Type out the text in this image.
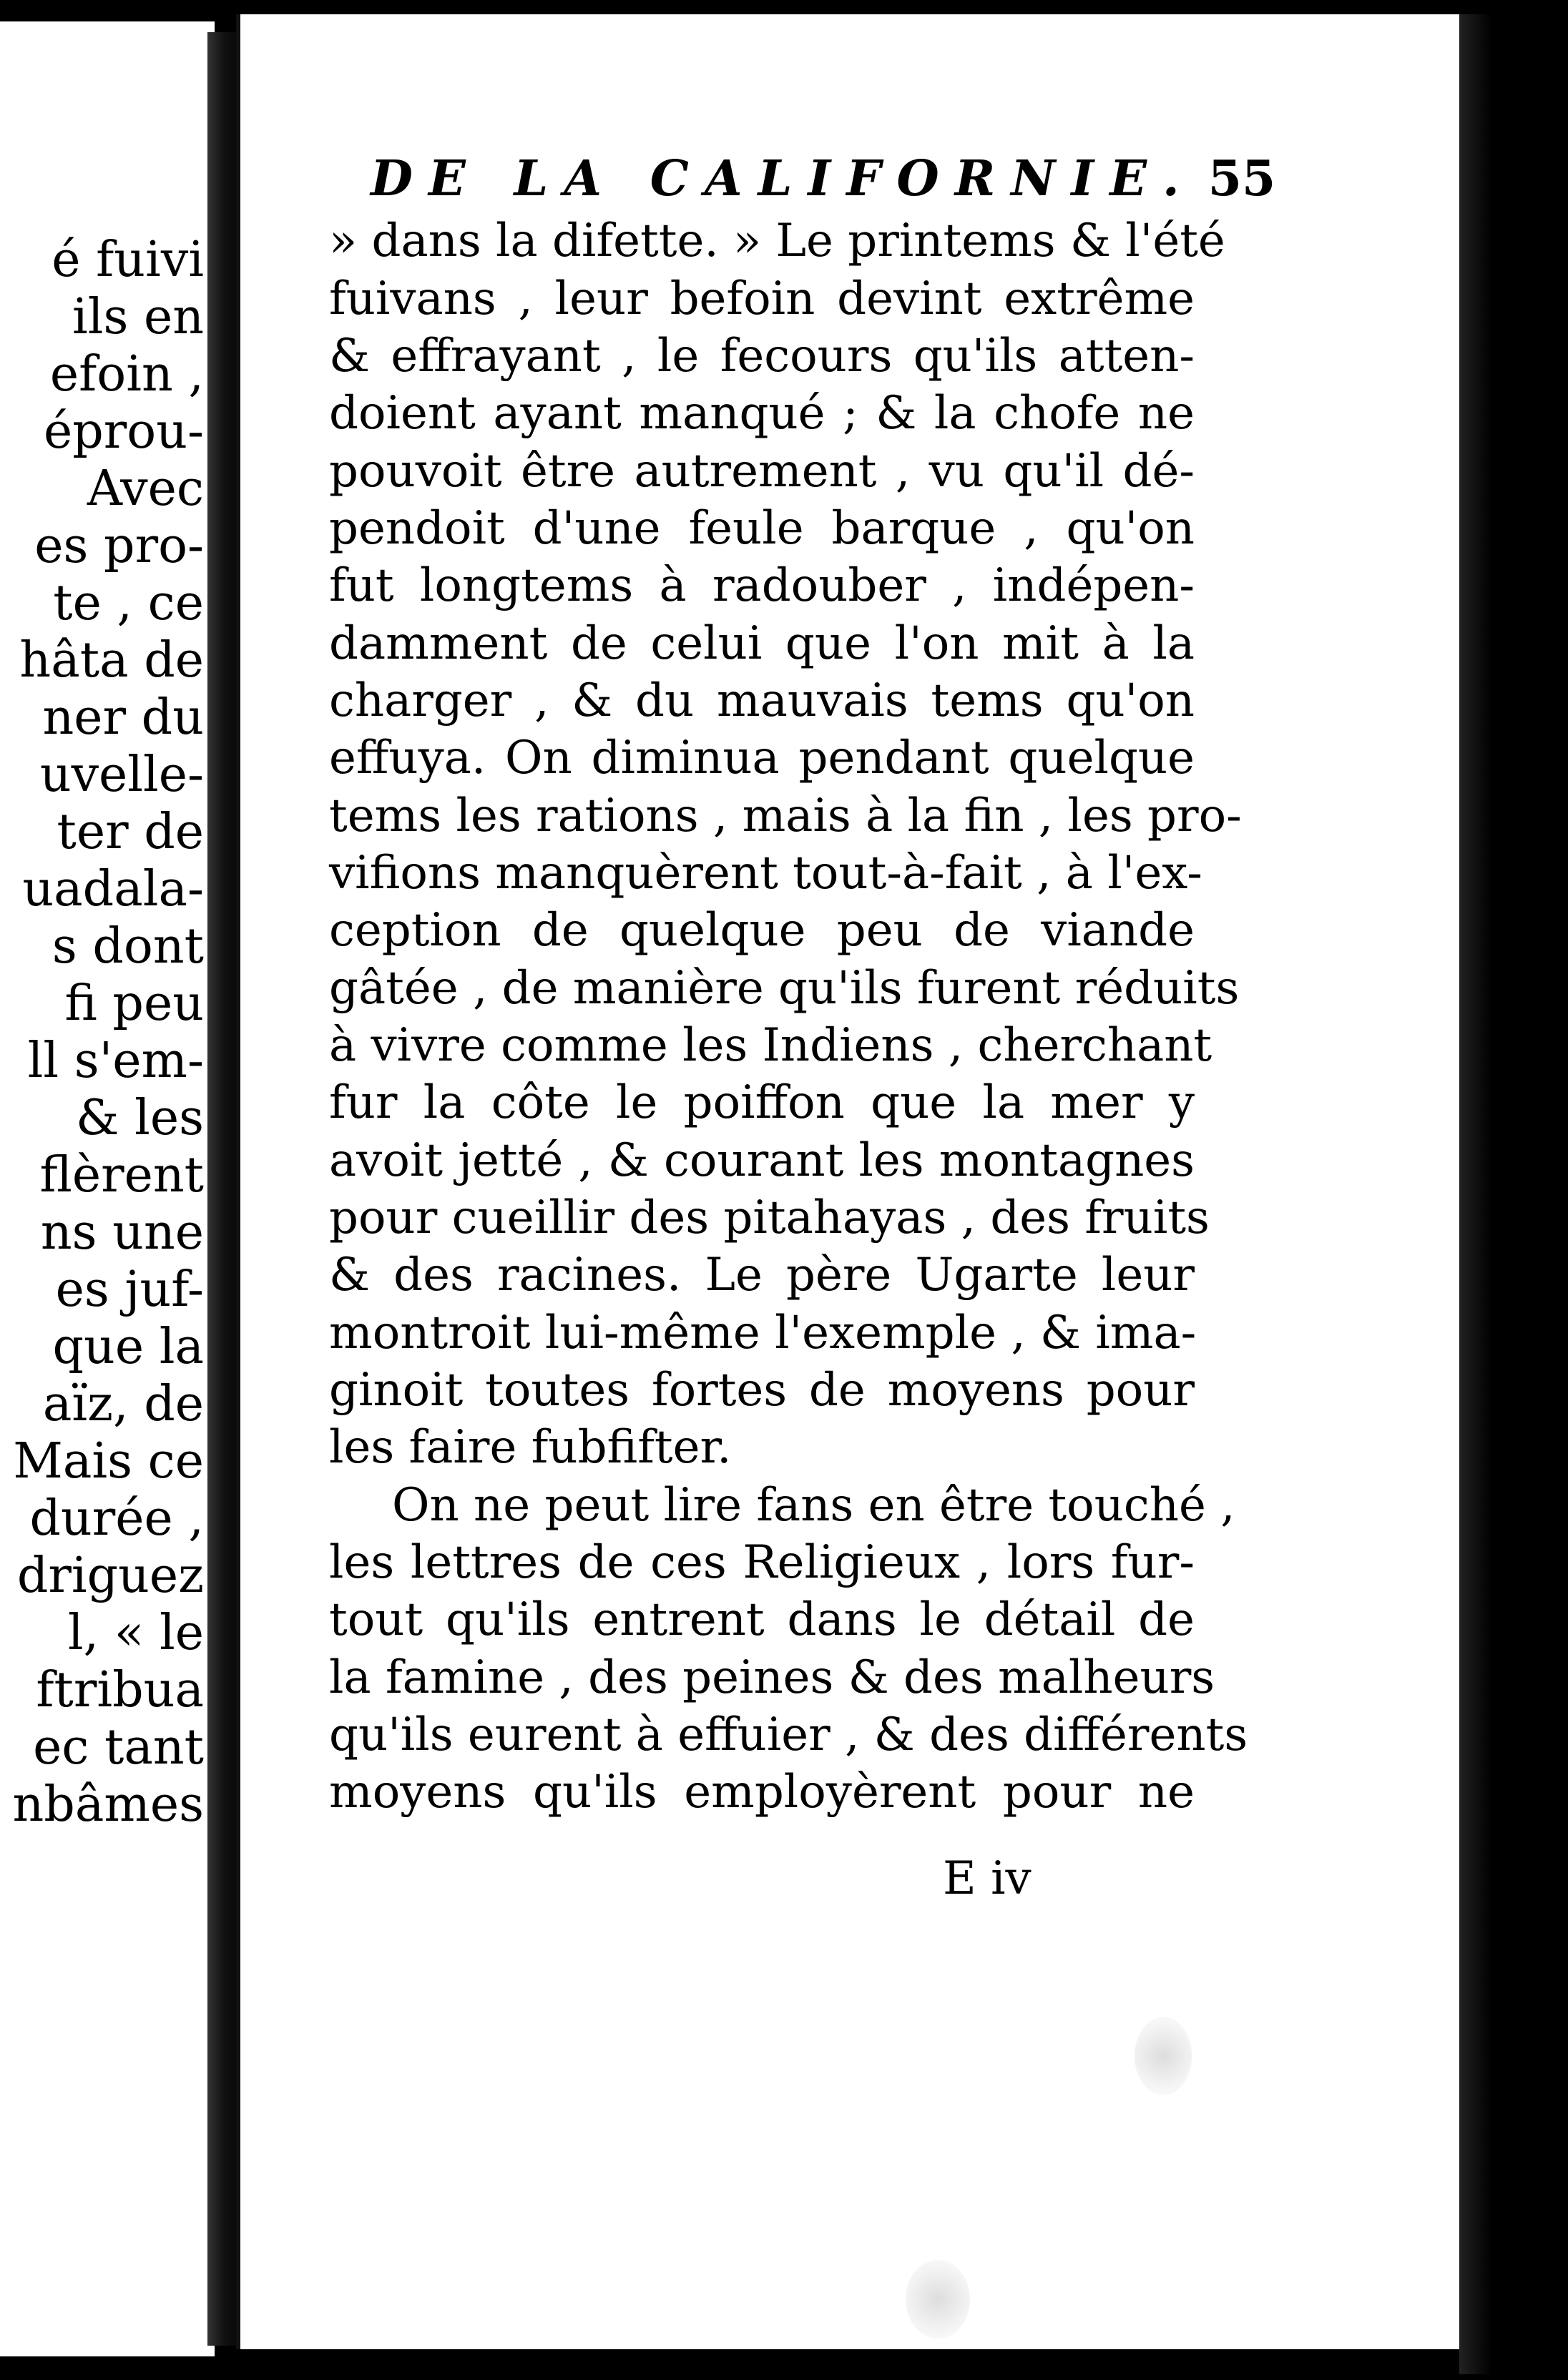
é fuivi
ils en
efoin ,
éprou-
Avec
es pro-
te , ce
hâta de
ner du
uvelle-
ter de
uadala-
s dont
fi peu
ll s'em-
& les
flèrent
ns une
es juf-
que la
aïz, de
Mais ce
durée ,
driguez
l, « le
ftribua
ec tant
nbâmes
DE LA CALIFORNIE. 55
» dans la difette. » Le printems & l'été
fuivans , leur befoin devint extrême
& effrayant , le fecours qu'ils atten-
doient ayant manqué ; & la chofe ne
pouvoit être autrement , vu qu'il dé-
pendoit d'une feule barque , qu'on
fut longtems à radouber , indépen-
damment de celui que l'on mit à la
charger , & du mauvais tems qu'on
effuya. On diminua pendant quelque
tems les rations , mais à la fin , les pro-
vifions manquèrent tout-à-fait , à l'ex-
ception de quelque peu de viande
gâtée , de manière qu'ils furent réduits
à vivre comme les Indiens , cherchant
fur la côte le poiffon que la mer y
avoit jetté , & courant les montagnes
pour cueillir des pitahayas , des fruits
& des racines. Le père Ugarte leur
montroit lui-même l'exemple , & ima-
ginoit toutes fortes de moyens pour
les faire fubfifter.
On ne peut lire fans en être touché ,
les lettres de ces Religieux , lors fur-
tout qu'ils entrent dans le détail de
la famine , des peines & des malheurs
qu'ils eurent à effuier , & des différents
moyens qu'ils employèrent pour ne
E iv
